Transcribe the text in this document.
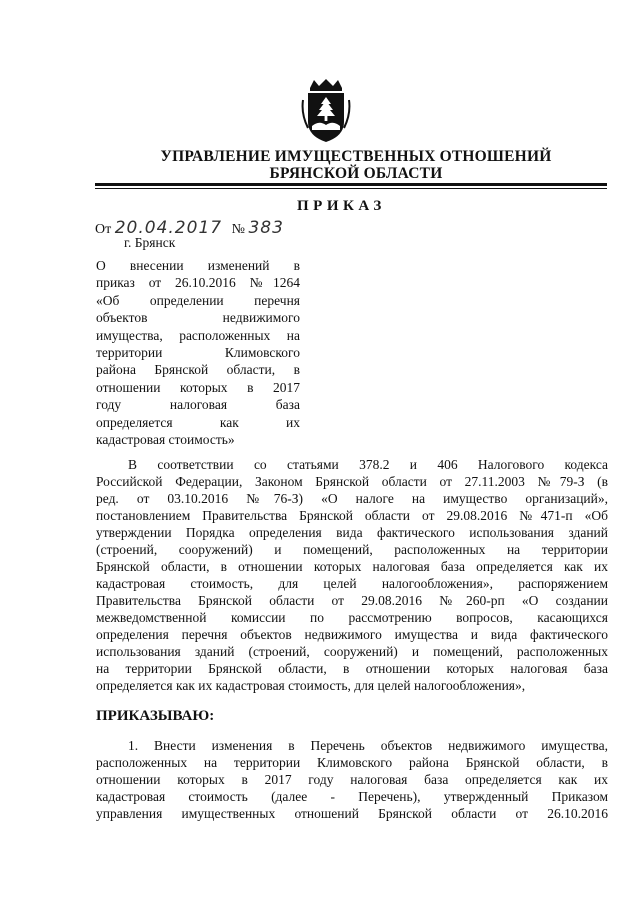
УПРАВЛЕНИЕ ИМУЩЕСТВЕННЫХ ОТНОШЕНИЙ
БРЯНСКОЙ ОБЛАСТИ
ПРИКАЗ
От 20.04.2017 № 383
г. Брянск
О внесении изменений в
приказ от 26.10.2016 №1264
«Об определении перечня
объектов недвижимого
имущества, расположенных на
территории Климовского
района Брянской области, в
отношении которых в 2017
году налоговая база
определяется как их
кадастровая стоимость»
В соответствии со статьями 378.2 и 406 Налогового кодекса
Российской Федерации, Законом Брянской области от 27.11.2003 №79-З (в
ред. от 03.10.2016 №76-З) «О налоге на имущество организаций»,
постановлением Правительства Брянской области от 29.08.2016 №471-п «Об
утверждении Порядка определения вида фактического использования зданий
(строений, сооружений) и помещений, расположенных на территории
Брянской области, в отношении которых налоговая база определяется как их
кадастровая стоимость, для целей налогообложения», распоряжением
Правительства Брянской области от 29.08.2016 №260-рп «О создании
межведомственной комиссии по рассмотрению вопросов, касающихся
определения перечня объектов недвижимого имущества и вида фактического
использования зданий (строений, сооружений) и помещений, расположенных
на территории Брянской области, в отношении которых налоговая база
определяется как их кадастровая стоимость, для целей налогообложения»,
ПРИКАЗЫВАЮ:
1. Внести изменения в Перечень объектов недвижимого имущества,
расположенных на территории Климовского района Брянской области, в
отношении которых в 2017 году налоговая база определяется как их
кадастровая стоимость (далее - Перечень), утвержденный Приказом
управления имущественных отношений Брянской области от 26.10.2016
